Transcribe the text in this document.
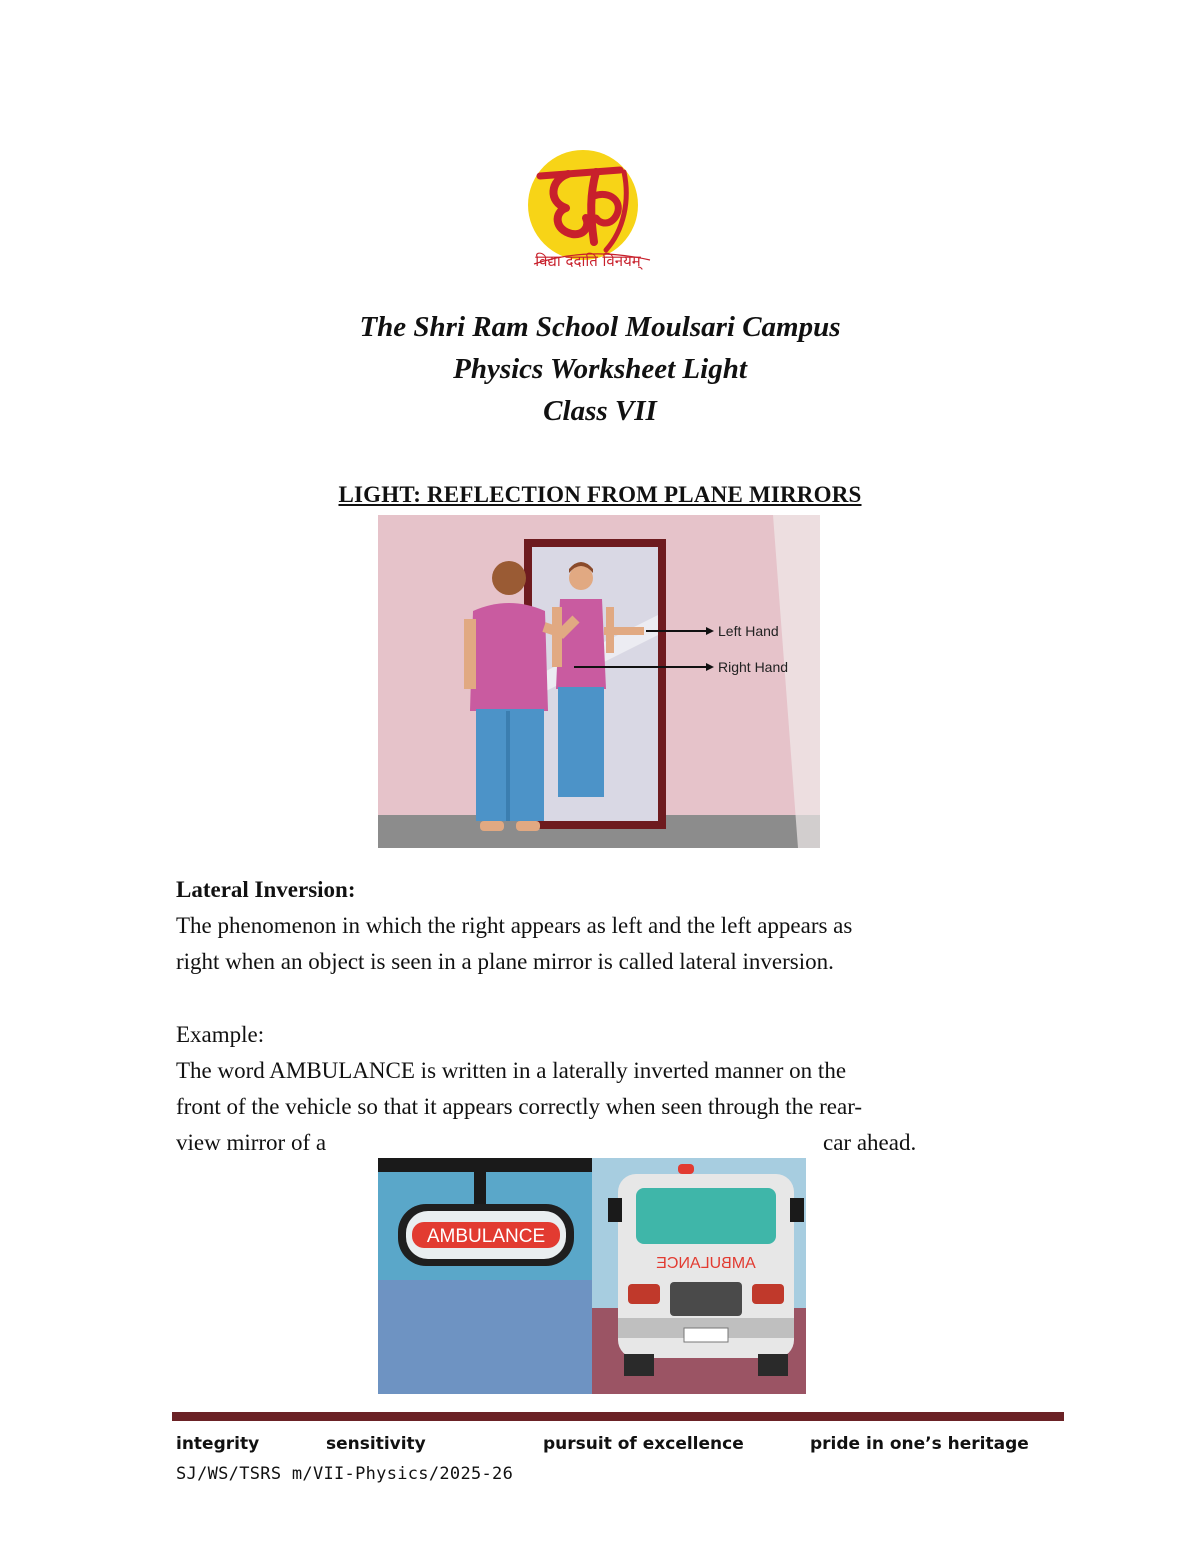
विद्या ददाति विनयम्
The Shri Ram School Moulsari Campus
Physics Worksheet Light
Class VII
LIGHT: REFLECTION FROM PLANE MIRRORS
Left Hand
Right Hand
Lateral Inversion:
The phenomenon in which the right appears as left and the left appears as
right when an object is seen in a plane mirror is called lateral inversion.
Example:
The word AMBULANCE is written in a laterally inverted manner on the
front of the vehicle so that it appears correctly when seen through the rear-
view mirror of a	car ahead.
AMBULANCE
AMBULANCE
integrity	sensitivity	pursuit of excellence	pride in one’s heritage
SJ/WS/TSRS m/VII-Physics/2025-26
